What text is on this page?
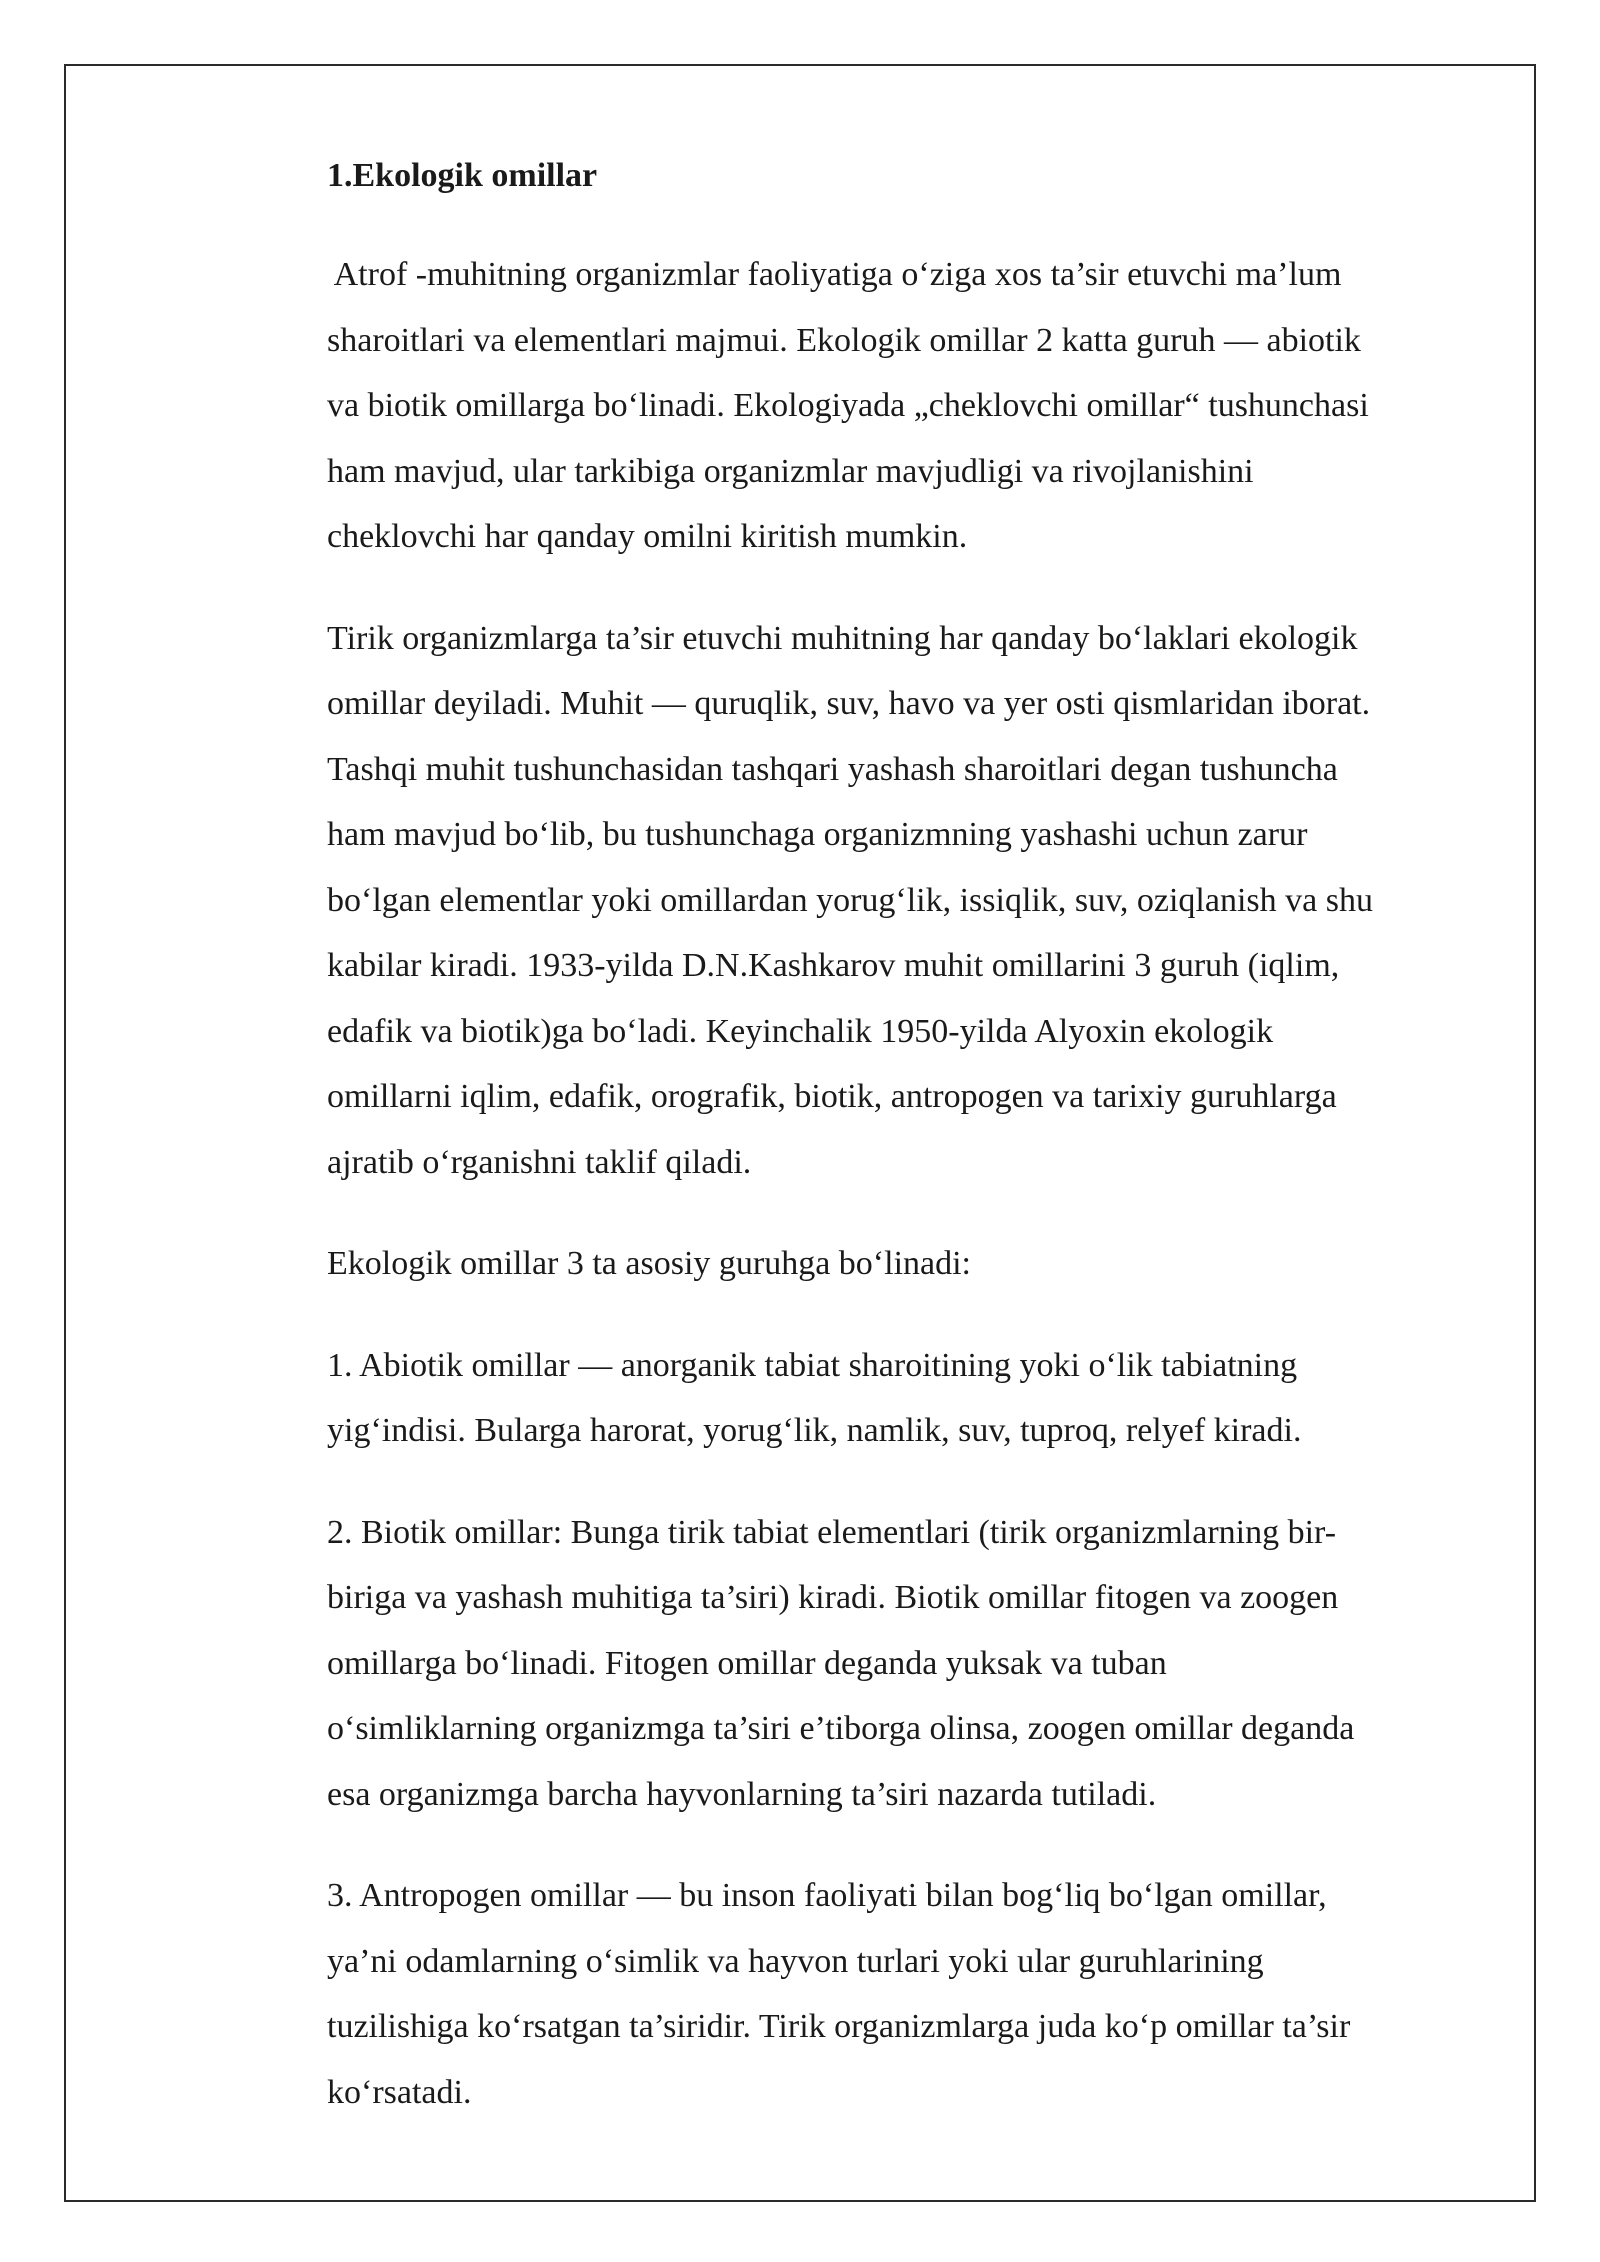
1.Ekologik omillar
Atrof -muhitning organizmlar faoliyatiga o‘ziga xos ta’sir etuvchi ma’lum
sharoitlari va elementlari majmui. Ekologik omillar 2 katta guruh — abiotik
va biotik omillarga bo‘linadi. Ekologiyada „cheklovchi omillar“ tushunchasi
ham mavjud, ular tarkibiga organizmlar mavjudligi va rivojlanishini
cheklovchi har qanday omilni kiritish mumkin.
Tirik organizmlarga ta’sir etuvchi muhitning har qanday bo‘laklari ekologik
omillar deyiladi. Muhit — quruqlik, suv, havo va yer osti qismlaridan iborat.
Tashqi muhit tushunchasidan tashqari yashash sharoitlari degan tushuncha
ham mavjud bo‘lib, bu tushunchaga organizmning yashashi uchun zarur
bo‘lgan elementlar yoki omillardan yorug‘lik, issiqlik, suv, oziqlanish va shu
kabilar kiradi. 1933-yilda D.N.Kashkarov muhit omillarini 3 guruh (iqlim,
edafik va biotik)ga bo‘ladi. Keyinchalik 1950-yilda Alyoxin ekologik
omillarni iqlim, edafik, orografik, biotik, antropogen va tarixiy guruhlarga
ajratib o‘rganishni taklif qiladi.
Ekologik omillar 3 ta asosiy guruhga bo‘linadi:
1. Abiotik omillar — anorganik tabiat sharoitining yoki o‘lik tabiatning
yig‘indisi. Bularga harorat, yorug‘lik, namlik, suv, tuproq, relyef kiradi.
2. Biotik omillar: Bunga tirik tabiat elementlari (tirik organizmlarning bir-
biriga va yashash muhitiga ta’siri) kiradi. Biotik omillar fitogen va zoogen
omillarga bo‘linadi. Fitogen omillar deganda yuksak va tuban
o‘simliklarning organizmga ta’siri e’tiborga olinsa, zoogen omillar deganda
esa organizmga barcha hayvonlarning ta’siri nazarda tutiladi.
3. Antropogen omillar — bu inson faoliyati bilan bog‘liq bo‘lgan omillar,
ya’ni odamlarning o‘simlik va hayvon turlari yoki ular guruhlarining
tuzilishiga ko‘rsatgan ta’siridir. Tirik organizmlarga juda ko‘p omillar ta’sir
ko‘rsatadi.
